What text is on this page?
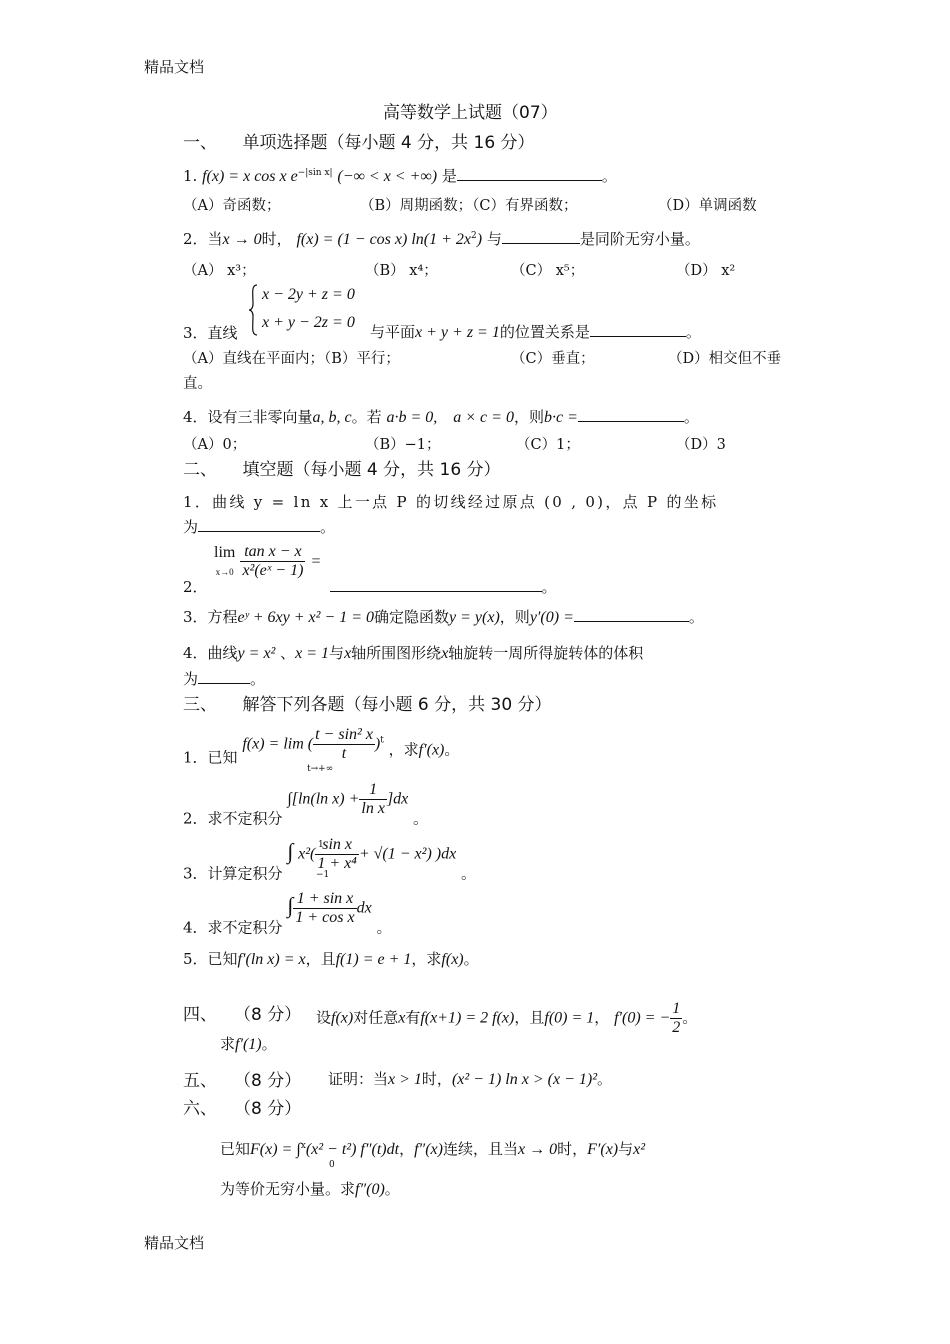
精品文档
高等数学上试题（07）
一、　　单项选择题（每小题 4 分，共 16 分）
1. f(x) = x cos x $e^{-|sin x|}$ (−∞ < x < +∞) 是	。
（A）奇函数；	（B）周期函数；（C）有界函数；	（D）单调函数
2．当x → 0时， f(x) = (1 − cos x) $\ln(1 + 2x^2)$ 与	是同阶无穷小量。
（A） x³；	（B） x⁴；	（C） x⁵；	（D） x²
x − 2y + z = 0
x + y − 2z = 0
3．直线	与平面x + y + z = 1的位置关系是	。
（A）直线在平面内；（B）平行；	（C）垂直；	（D）相交但不垂
直。
4．设有三非零向量a, b, c。若 a·b = 0,　a × c = 0，则b·c =	。
（A）0；	（B）−1；	（C）1；	（D）3
二、　　填空题（每小题 4 分，共 16 分）
1．曲线 y = ln x 上一点 P 的切线经过原点 (0 , 0)，点 P 的坐标
为	。
lim
$x\to 0 \frac{\text{tan x − x}}{\text{x²(eˣ − 1)}}$ =
2．	。
3．方程eʸ + 6xy + x² − 1 = 0确定隐函数y = y(x)，则y′(0) =	。
4．曲线y = x² 、x = 1与x轴所围图形绕x轴旋转一周所得旋转体的体积
为	。
三、　　解答下列各题（每小题 6 分，共 30 分）
1．已知 f(x) = lim ( $\frac{\text{t − sin² x}}{t} )^t$ ，求f′(x)。
t→+∞
2．求不定积分 ∫[ln(ln $x) + \frac{1}{\text{ln x}} ]dx$ 。
3．计算定积分 ∫ $x^2( \frac{\text{sin x}}{\text{1 + x⁴}} + √(1 - x^2)$ )dx 。
1
−1
4．求不定积分 ∫ $\frac{\text{1 + sin x}}{\text{1 + cos x}}$ dx 。
5．已知f′(ln x) = x，且f(1) = e + 1，求f(x)。
四、　　（8 分） 设f(x)对任意x有f(x+1) = 2 f(x)，且f(0) = 1， f′(0) = − $\frac{1}{2}$ 。
求f′(1)。
五、　　（8 分） 证明：当x > 1时，(x² − 1) ln x > (x − 1)²。
六、　　（8 分）
已知F(x) = ∫$^x$(x² − t²) f″(t)dt，f″(x)连续，且当x → 0时，F′(x)与x²
0
为等价无穷小量。求f″(0)。
精品文档
